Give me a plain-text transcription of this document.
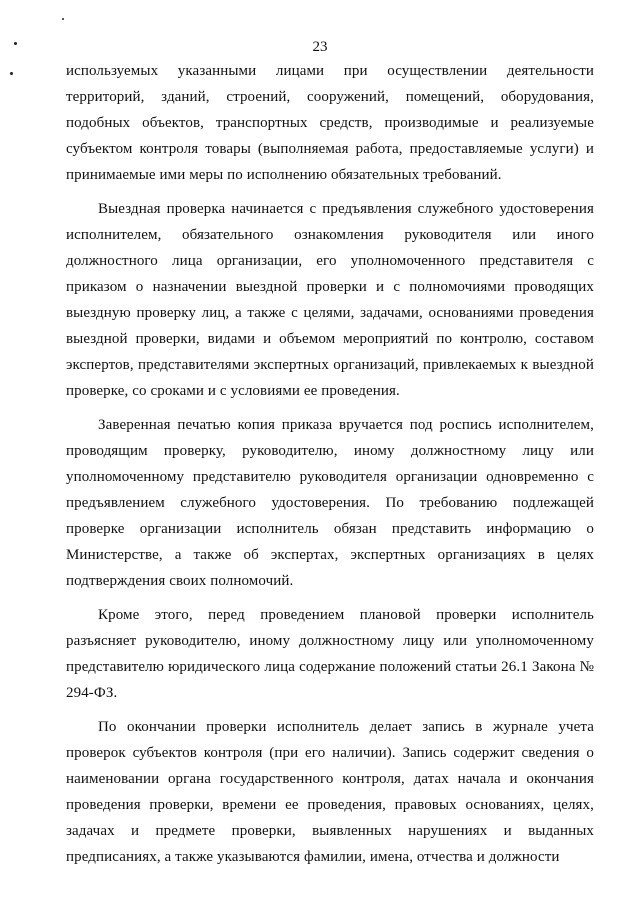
23

используемых указанными лицами при осуществлении деятельности территорий, зданий, строений, сооружений, помещений, оборудования, подобных объектов, транспортных средств, производимые и реализуемые субъектом контроля товары (выполняемая работа, предоставляемые услуги) и принимаемые ими меры по исполнению обязательных требований.

Выездная проверка начинается с предъявления служебного удостоверения исполнителем, обязательного ознакомления руководителя или иного должностного лица организации, его уполномоченного представителя с приказом о назначении выездной проверки и с полномочиями проводящих выездную проверку лиц, а также с целями, задачами, основаниями проведения выездной проверки, видами и объемом мероприятий по контролю, составом экспертов, представителями экспертных организаций, привлекаемых к выездной проверке, со сроками и с условиями ее проведения.

Заверенная печатью копия приказа вручается под роспись исполнителем, проводящим проверку, руководителю, иному должностному лицу или уполномоченному представителю руководителя организации одновременно с предъявлением служебного удостоверения. По требованию подлежащей проверке организации исполнитель обязан представить информацию о Министерстве, а также об экспертах, экспертных организациях в целях подтверждения своих полномочий.

Кроме этого, перед проведением плановой проверки исполнитель разъясняет руководителю, иному должностному лицу или уполномоченному представителю юридического лица содержание положений статьи 26.1 Закона № 294-ФЗ.

По окончании проверки исполнитель делает запись в журнале учета проверок субъектов контроля (при его наличии). Запись содержит сведения о наименовании органа государственного контроля, датах начала и окончания проведения проверки, времени ее проведения, правовых основаниях, целях, задачах и предмете проверки, выявленных нарушениях и выданных предписаниях, а также указываются фамилии, имена, отчества и должности
